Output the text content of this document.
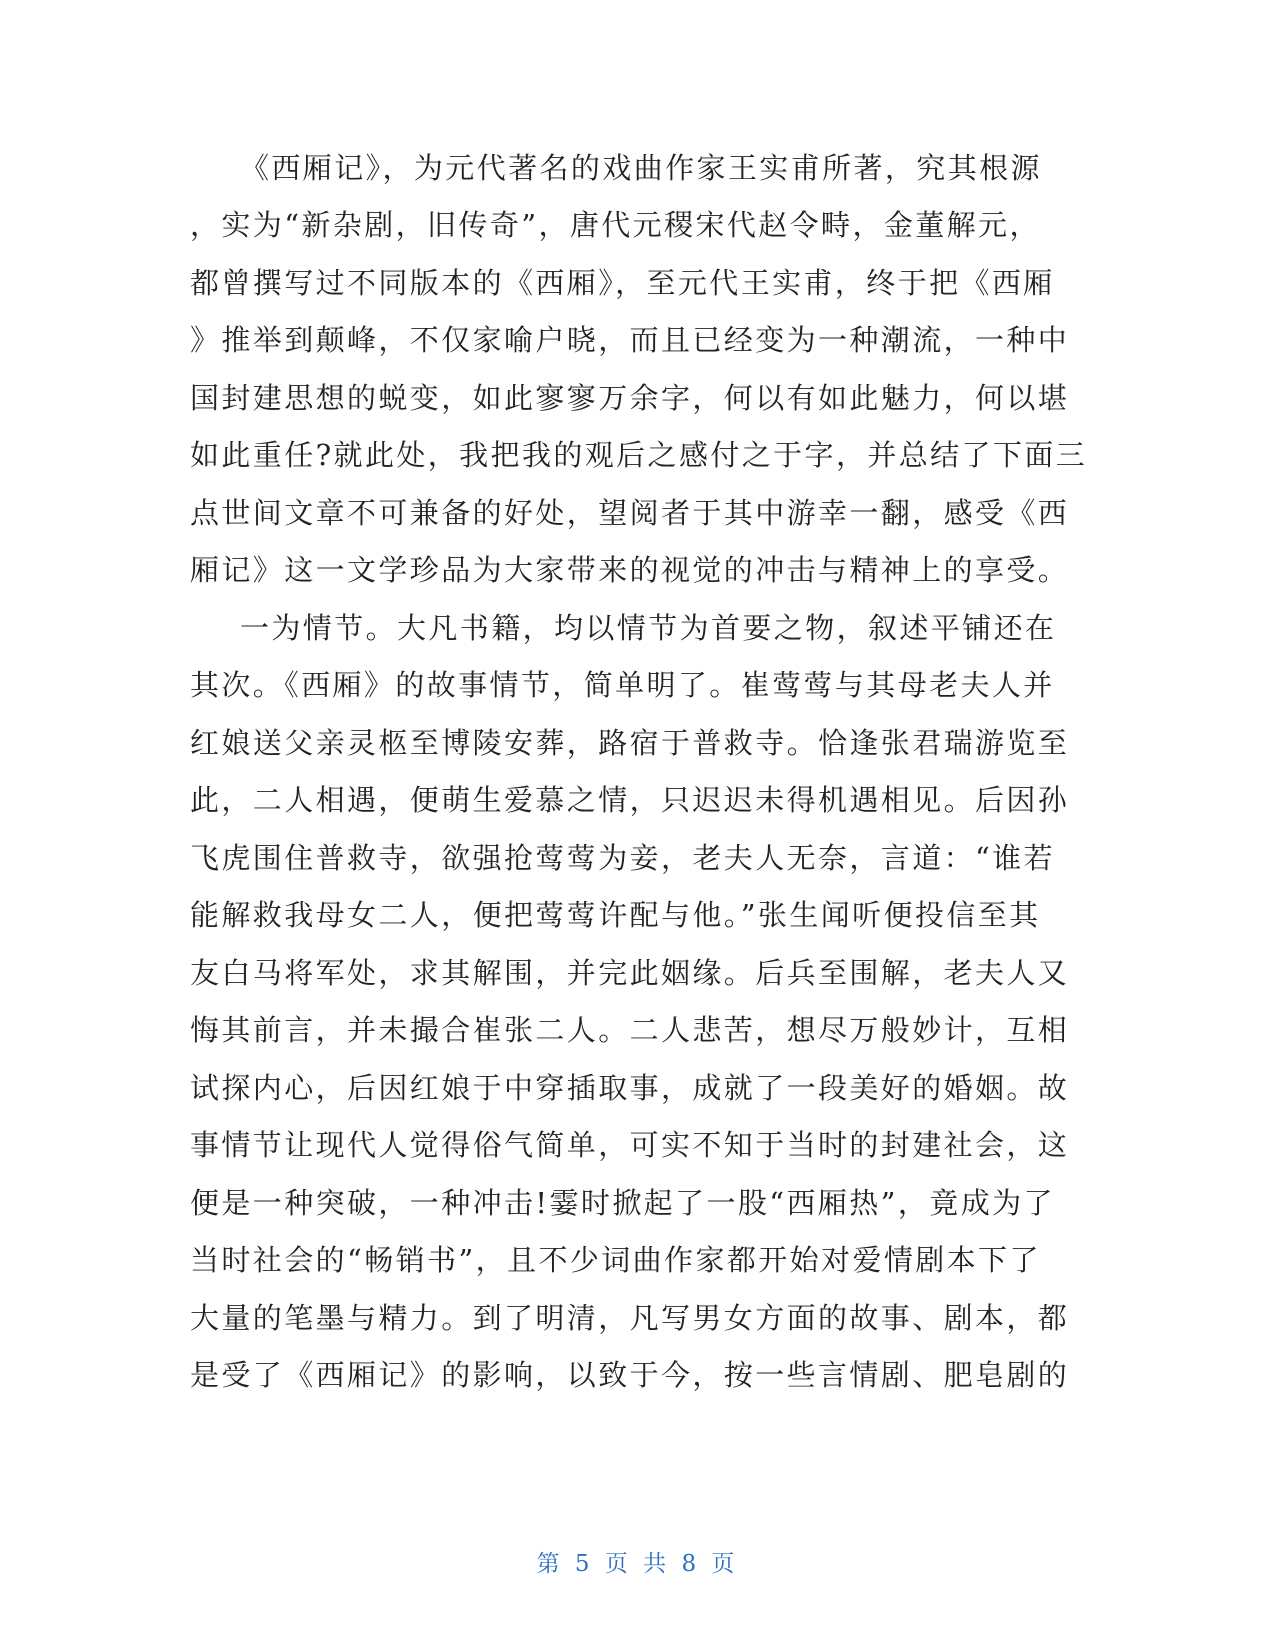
《西厢记》，为元代著名的戏曲作家王实甫所著，究其根源
，实为“新杂剧，旧传奇”，唐代元稷宋代赵令畤，金董解元，
都曾撰写过不同版本的《西厢》，至元代王实甫，终于把《西厢
》推举到颠峰，不仅家喻户晓，而且已经变为一种潮流，一种中
国封建思想的蜕变，如此寥寥万余字，何以有如此魅力，何以堪
如此重任?就此处，我把我的观后之感付之于字，并总结了下面三
点世间文章不可兼备的好处，望阅者于其中游幸一翻，感受《西
厢记》这一文学珍品为大家带来的视觉的冲击与精神上的享受。
一为情节。大凡书籍，均以情节为首要之物，叙述平铺还在
其次。《西厢》的故事情节，简单明了。崔莺莺与其母老夫人并
红娘送父亲灵柩至博陵安葬，路宿于普救寺。恰逢张君瑞游览至
此，二人相遇，便萌生爱慕之情，只迟迟未得机遇相见。后因孙
飞虎围住普救寺，欲强抢莺莺为妾，老夫人无奈，言道：“谁若
能解救我母女二人，便把莺莺许配与他。”张生闻听便投信至其
友白马将军处，求其解围，并完此姻缘。后兵至围解，老夫人又
悔其前言，并未撮合崔张二人。二人悲苦，想尽万般妙计，互相
试探内心，后因红娘于中穿插取事，成就了一段美好的婚姻。故
事情节让现代人觉得俗气简单，可实不知于当时的封建社会，这
便是一种突破，一种冲击!霎时掀起了一股“西厢热”，竟成为了
当时社会的“畅销书”，且不少词曲作家都开始对爱情剧本下了
大量的笔墨与精力。到了明清，凡写男女方面的故事、剧本，都
是受了《西厢记》的影响，以致于今，按一些言情剧、肥皂剧的
第 5 页 共 8 页
